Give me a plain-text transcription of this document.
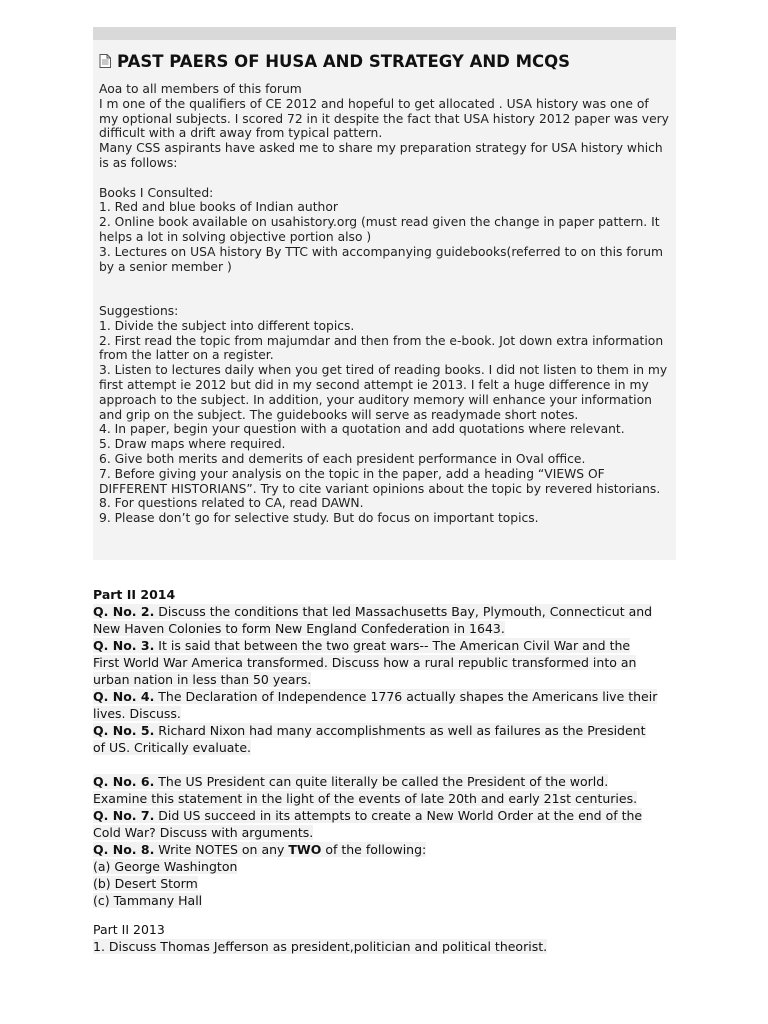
PAST PAERS OF HUSA AND STRATEGY AND MCQS

Aoa to all members of this forum

I m one of the qualifiers of CE 2012 and hopeful to get allocated . USA history was one of my optional subjects. I scored 72 in it despite the fact that USA history 2012 paper was very difficult with a drift away from typical pattern.

Many CSS aspirants have asked me to share my preparation strategy for USA history which is as follows:

Books I Consulted:

1. Red and blue books of Indian author

2. Online book available on usahistory.org (must read given the change in paper pattern. It helps a lot in solving objective portion also )

3. Lectures on USA history By TTC with accompanying guidebooks(referred to on this forum by a senior member )

Suggestions:

1. Divide the subject into different topics.

2. First read the topic from majumdar and then from the e-book. Jot down extra information from the latter on a register.

3. Listen to lectures daily when you get tired of reading books. I did not listen to them in my first attempt ie 2012 but did in my second attempt ie 2013. I felt a huge difference in my approach to the subject. In addition, your auditory memory will enhance your information and grip on the subject. The guidebooks will serve as readymade short notes.

4. In paper, begin your question with a quotation and add quotations where relevant.

5. Draw maps where required.

6. Give both merits and demerits of each president performance in Oval office.

7. Before giving your analysis on the topic in the paper, add a heading “VIEWS OF DIFFERENT HISTORIANS”. Try to cite variant opinions about the topic by revered historians.

8. For questions related to CA, read DAWN.

9. Please don’t go for selective study. But do focus on important topics.

Part II 2014

Q. No. 2. Discuss the conditions that led Massachusetts Bay, Plymouth, Connecticut and

New Haven Colonies to form New England Confederation in 1643.

Q. No. 3. It is said that between the two great wars-- The American Civil War and the

First World War America transformed. Discuss how a rural republic transformed into an

urban nation in less than 50 years.

Q. No. 4. The Declaration of Independence 1776 actually shapes the Americans live their

lives. Discuss.

Q. No. 5. Richard Nixon had many accomplishments as well as failures as the President

of US. Critically evaluate.

Q. No. 6. The US President can quite literally be called the President of the world.

Examine this statement in the light of the events of late 20th and early 21st centuries.

Q. No. 7. Did US succeed in its attempts to create a New World Order at the end of the

Cold War? Discuss with arguments.

Q. No. 8. Write NOTES on any TWO of the following:

(a) George Washington

(b) Desert Storm

(c) Tammany Hall

Part II 2013

1. Discuss Thomas Jefferson as president,politician and political theorist.
